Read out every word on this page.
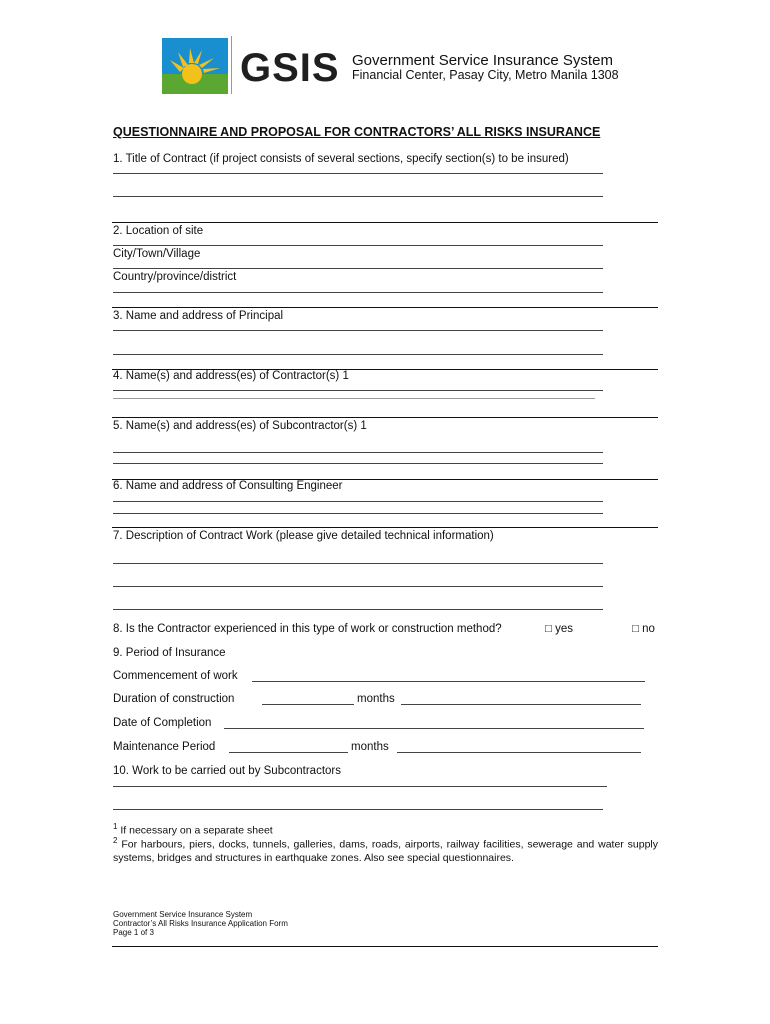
GSIS Government Service Insurance System
Financial Center, Pasay City, Metro Manila 1308
QUESTIONNAIRE AND PROPOSAL FOR CONTRACTORS’ ALL RISKS INSURANCE
1. Title of Contract (if project consists of several sections, specify section(s) to be insured)
2. Location of site
City/Town/Village
Country/province/district
3. Name and address of Principal
4. Name(s) and address(es) of Contractor(s) 1
5. Name(s) and address(es) of Subcontractor(s) 1
6. Name and address of Consulting Engineer
7. Description of Contract Work (please give detailed technical information)
8. Is the Contractor experienced in this type of work or construction method?	□ yes	□ no
9. Period of Insurance
Commencement of work
Duration of construction	months
Date of Completion
Maintenance Period	months
10. Work to be carried out by Subcontractors
$^1$ If necessary on a separate sheet
$^2$ For harbours, piers, docks, tunnels, galleries, dams, roads, airports, railway facilities, sewerage and water supply systems, bridges and structures in earthquake zones. Also see special questionnaires.
Government Service Insurance System
Contractor’s All Risks Insurance Application Form
Page 1 of 3
